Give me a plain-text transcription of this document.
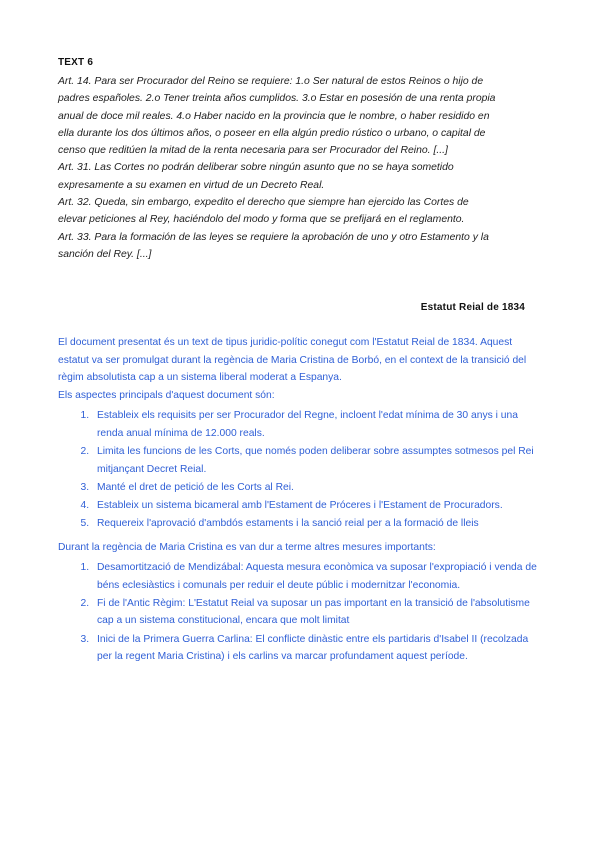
TEXT 6

Art. 14. Para ser Procurador del Reino se requiere: 1.o Ser natural de estos Reinos o hijo de padres españoles. 2.o Tener treinta años cumplidos. 3.o Estar en posesión de una renta propia anual de doce mil reales. 4.o Haber nacido en la provincia que le nombre, o haber residido en ella durante los dos últimos años, o poseer en ella algún predio rústico o urbano, o capital de censo que reditúen la mitad de la renta necesaria para ser Procurador del Reino. [...]

Art. 31. Las Cortes no podrán deliberar sobre ningún asunto que no se haya sometido expresamente a su examen en virtud de un Decreto Real.

Art. 32. Queda, sin embargo, expedito el derecho que siempre han ejercido las Cortes de elevar peticiones al Rey, haciéndolo del modo y forma que se prefijará en el reglamento.

Art. 33. Para la formación de las leyes se requiere la aprobación de uno y otro Estamento y la sanción del Rey. [...]

Estatut Reial de 1834

El document presentat és un text de tipus juridic-polític conegut com l'Estatut Reial de 1834. Aquest estatut va ser promulgat durant la regència de Maria Cristina de Borbó, en el context de la transició del règim absolutista cap a un sistema liberal moderat a Espanya.

Els aspectes principals d'aquest document són:

1. Estableix els requisits per ser Procurador del Regne, incloent l'edat mínima de 30 anys i una renda anual mínima de 12.000 reals.
2. Limita les funcions de les Corts, que només poden deliberar sobre assumptes sotmesos pel Rei mitjançant Decret Reial.
3. Manté el dret de petició de les Corts al Rei.
4. Estableix un sistema bicameral amb l'Estament de Próceres i l'Estament de Procuradors.
5. Requereix l'aprovació d'ambdós estaments i la sanció reial per a la formació de lleis

Durant la regència de Maria Cristina es van dur a terme altres mesures importants:

1. Desamortització de Mendizábal: Aquesta mesura econòmica va suposar l'expropiació i venda de béns eclesiàstics i comunals per reduir el deute públic i modernitzar l'economia.
2. Fi de l'Antic Règim: L'Estatut Reial va suposar un pas important en la transició de l'absolutisme cap a un sistema constitucional, encara que molt limitat
3. Inici de la Primera Guerra Carlina: El conflicte dinàstic entre els partidaris d'Isabel II (recolzada per la regent Maria Cristina) i els carlins va marcar profundament aquest període.
